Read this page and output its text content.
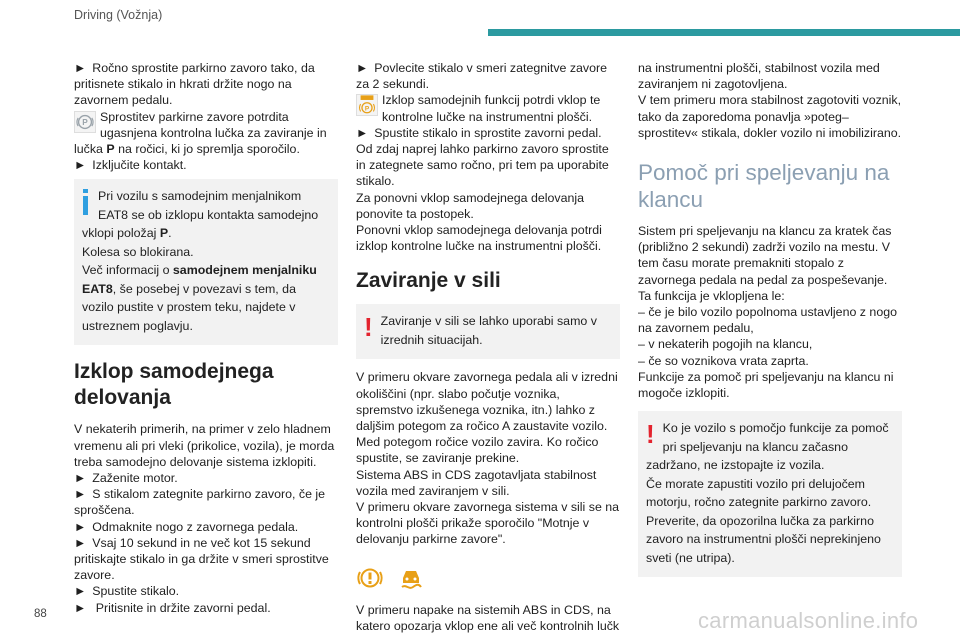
Driving (Vožnja)

► Ročno sprostite parkirno zavoro tako, da pritisnete stikalo in hkrati držite nogo na zavornem pedalu.

P Sprostitev parkirne zavore potrdita ugasnjena kontrolna lučka za zaviranje in lučka P na ročici, ki jo spremlja sporočilo.

► Izključite kontakt.

Pri vozilu s samodejnim menjalnikom EAT8 se ob izklopu kontakta samodejno vklopi položaj P.

Kolesa so blokirana.

Več informacij o samodejnem menjalniku EAT8, še posebej v povezavi s tem, da vozilo pustite v prostem teku, najdete v ustreznem poglavju.

Izklop samodejnega delovanja

V nekaterih primerih, na primer v zelo hladnem vremenu ali pri vleki (prikolice, vozila), je morda treba samodejno delovanje sistema izklopiti.

► Zaženite motor.

► S stikalom zategnite parkirno zavoro, če je sproščena.

► Odmaknite nogo z zavornega pedala.

► Vsaj 10 sekund in ne več kot 15 sekund pritiskajte stikalo in ga držite v smeri sprostitve zavore.

► Spustite stikalo.

► Pritisnite in držite zavorni pedal.

► Povlecite stikalo v smeri zategnitve zavore za 2 sekundi.

P
Izklop samodejnih funkcij potrdi vklop te kontrolne lučke na instrumentni plošči.

► Spustite stikalo in sprostite zavorni pedal.

Od zdaj naprej lahko parkirno zavoro sprostite in zategnete samo ročno, pri tem pa uporabite stikalo.

Za ponovni vklop samodejnega delovanja ponovite ta postopek.

Ponovni vklop samodejnega delovanja potrdi izklop kontrolne lučke na instrumentni plošči.

Zaviranje v sili
! Zaviranje v sili se lahko uporabi samo v izrednih situacijah.

V primeru okvare zavornega pedala ali v izredni okoliščini (npr. slabo počutje voznika, spremstvo izkušenega voznika, itn.) lahko z daljšim potegom za ročico A zaustavite vozilo. Med potegom ročice vozilo zavira. Ko ročico spustite, se zaviranje prekine.

Sistema ABS in CDS zagotavljata stabilnost vozila med zaviranjem v sili.

V primeru okvare zavornega sistema v sili se na kontrolni plošči prikaže sporočilo "Motnje v delovanju parkirne zavore".

V primeru napake na sistemih ABS in CDS, na katero opozarja vklop ene ali več kontrolnih lučk

na instrumentni plošči, stabilnost vozila med zaviranjem ni zagotovljena.

V tem primeru mora stabilnost zagotoviti voznik, tako da zaporedoma ponavlja »poteg–sprostitev« stikala, dokler vozilo ni imobilizirano.

Pomoč pri speljevanju na klancu

Sistem pri speljevanju na klancu za kratek čas (približno 2 sekundi) zadrži vozilo na mestu. V tem času morate premakniti stopalo z zavornega pedala na pedal za pospeševanje.

Ta funkcija je vklopljena le:

– če je bilo vozilo popolnoma ustavljeno z nogo na zavornem pedalu,

– v nekaterih pogojih na klancu,

– če so voznikova vrata zaprta.

Funkcije za pomoč pri speljevanju na klancu ni mogoče izklopiti.

! Ko je vozilo s pomočjo funkcije za pomoč pri speljevanju na klancu začasno zadržano, ne izstopajte iz vozila.

Če morate zapustiti vozilo pri delujočem motorju, ročno zategnite parkirno zavoro.

Preverite, da opozorilna lučka za parkirno zavoro na instrumentni plošči neprekinjeno sveti (ne utripa).

88	carmanualsonline.info
